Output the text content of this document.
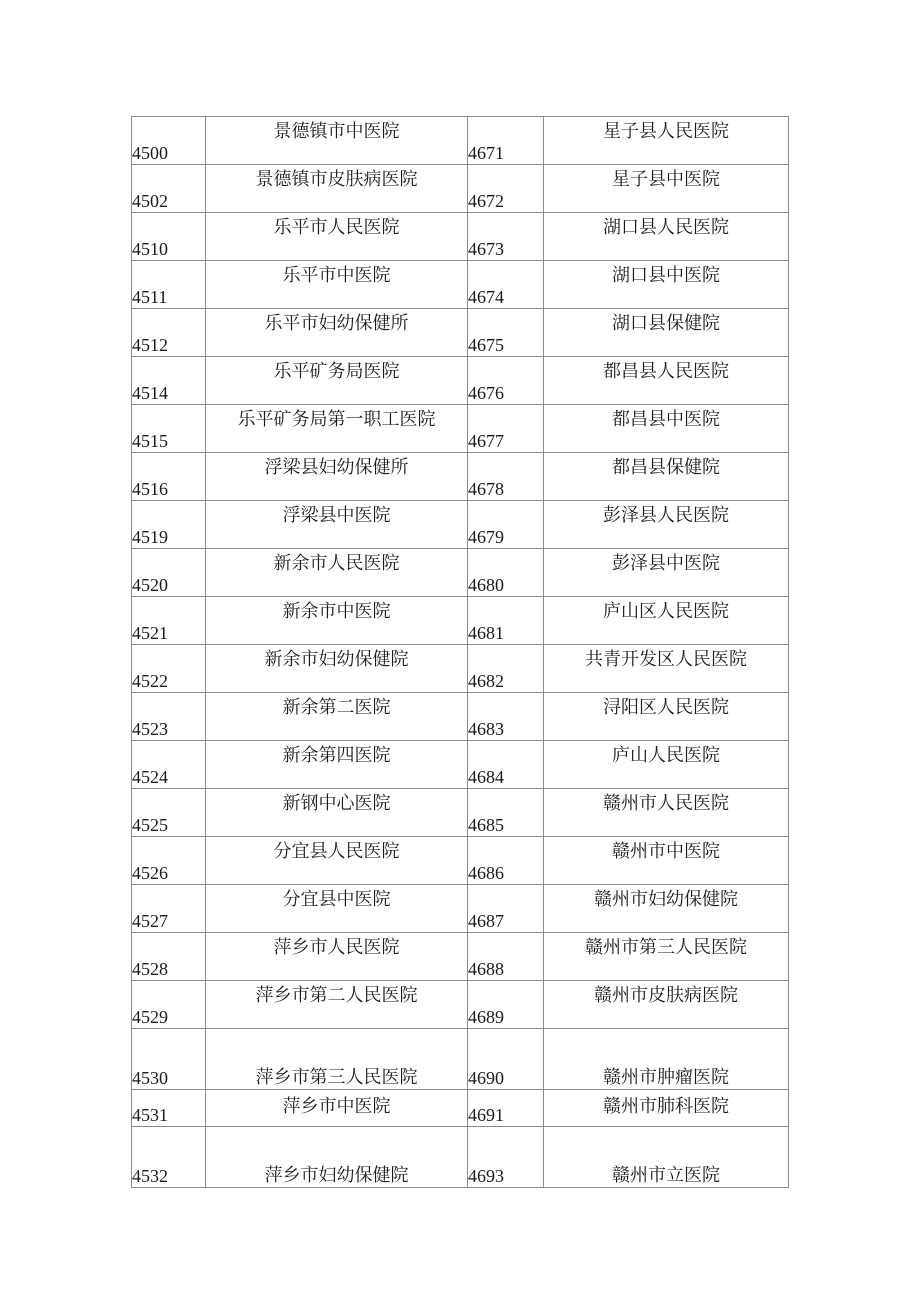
4500	景德镇市中医院	4671	星子县人民医院
4502	景德镇市皮肤病医院	4672	星子县中医院
4510	乐平市人民医院	4673	湖口县人民医院
4511	乐平市中医院	4674	湖口县中医院
4512	乐平市妇幼保健所	4675	湖口县保健院
4514	乐平矿务局医院	4676	都昌县人民医院
4515	乐平矿务局第一职工医院	4677	都昌县中医院
4516	浮梁县妇幼保健所	4678	都昌县保健院
4519	浮梁县中医院	4679	彭泽县人民医院
4520	新余市人民医院	4680	彭泽县中医院
4521	新余市中医院	4681	庐山区人民医院
4522	新余市妇幼保健院	4682	共青开发区人民医院
4523	新余第二医院	4683	浔阳区人民医院
4524	新余第四医院	4684	庐山人民医院
4525	新钢中心医院	4685	赣州市人民医院
4526	分宜县人民医院	4686	赣州市中医院
4527	分宜县中医院	4687	赣州市妇幼保健院
4528	萍乡市人民医院	4688	赣州市第三人民医院
4529	萍乡市第二人民医院	4689	赣州市皮肤病医院
4530	萍乡市第三人民医院	4690	赣州市肿瘤医院
4531	萍乡市中医院	4691	赣州市肺科医院
4532	萍乡市妇幼保健院	4693	赣州市立医院
